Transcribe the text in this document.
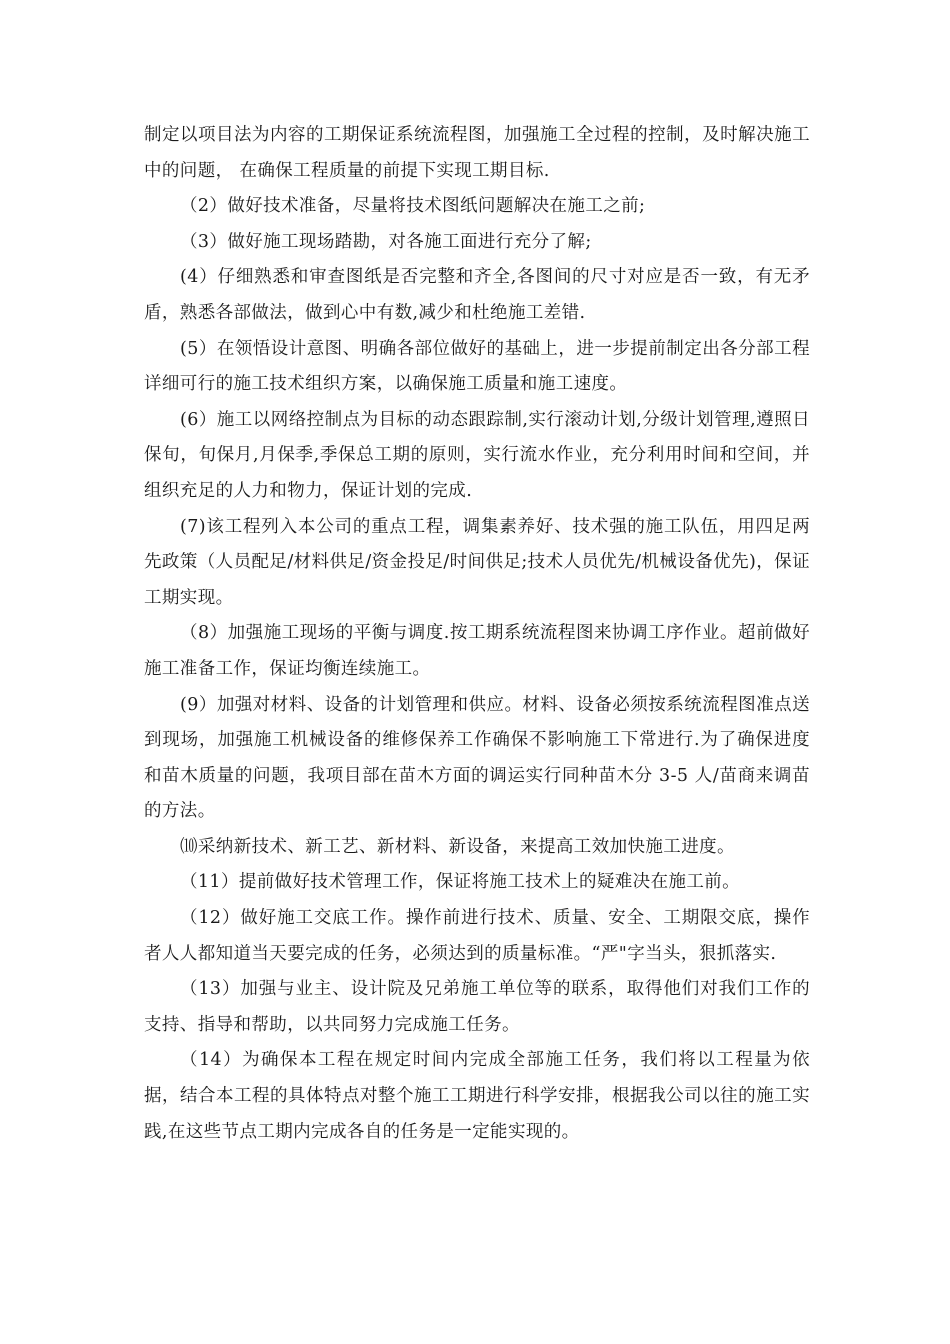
制定以项目法为内容的工期保证系统流程图，加强施工全过程的控制，及时解决施工中的问题， 在确保工程质量的前提下实现工期目标.

（2）做好技术准备，尽量将技术图纸问题解决在施工之前;

（3）做好施工现场踏勘，对各施工面进行充分了解;

(4）仔细熟悉和审查图纸是否完整和齐全,各图间的尺寸对应是否一致，有无矛盾，熟悉各部做法，做到心中有数,减少和杜绝施工差错.

(5）在领悟设计意图、明确各部位做好的基础上，进一步提前制定出各分部工程详细可行的施工技术组织方案，以确保施工质量和施工速度。

(6）施工以网络控制点为目标的动态跟踪制,实行滚动计划,分级计划管理,遵照日保旬，旬保月,月保季,季保总工期的原则，实行流水作业，充分利用时间和空间，并组织充足的人力和物力，保证计划的完成.

(7)该工程列入本公司的重点工程，调集素养好、技术强的施工队伍，用四足两先政策（人员配足/材料供足/资金投足/时间供足;技术人员优先/机械设备优先)，保证工期实现。

（8）加强施工现场的平衡与调度.按工期系统流程图来协调工序作业。超前做好施工准备工作，保证均衡连续施工。

(9）加强对材料、设备的计划管理和供应。材料、设备必须按系统流程图准点送到现场，加强施工机械设备的维修保养工作确保不影响施工下常进行.为了确保进度和苗木质量的问题，我项目部在苗木方面的调运实行同种苗木分 3-5 人/苗商来调苗的方法。

⑽采纳新技术、新工艺、新材料、新设备，来提高工效加快施工进度。

（11）提前做好技术管理工作，保证将施工技术上的疑难决在施工前。

（12）做好施工交底工作。操作前进行技术、质量、安全、工期限交底，操作者人人都知道当天要完成的任务，必须达到的质量标准。“严"字当头，狠抓落实.

（13）加强与业主、设计院及兄弟施工单位等的联系，取得他们对我们工作的支持、指导和帮助，以共同努力完成施工任务。

（14）为确保本工程在规定时间内完成全部施工任务，我们将以工程量为依据，结合本工程的具体特点对整个施工工期进行科学安排，根据我公司以往的施工实践,在这些节点工期内完成各自的任务是一定能实现的。
